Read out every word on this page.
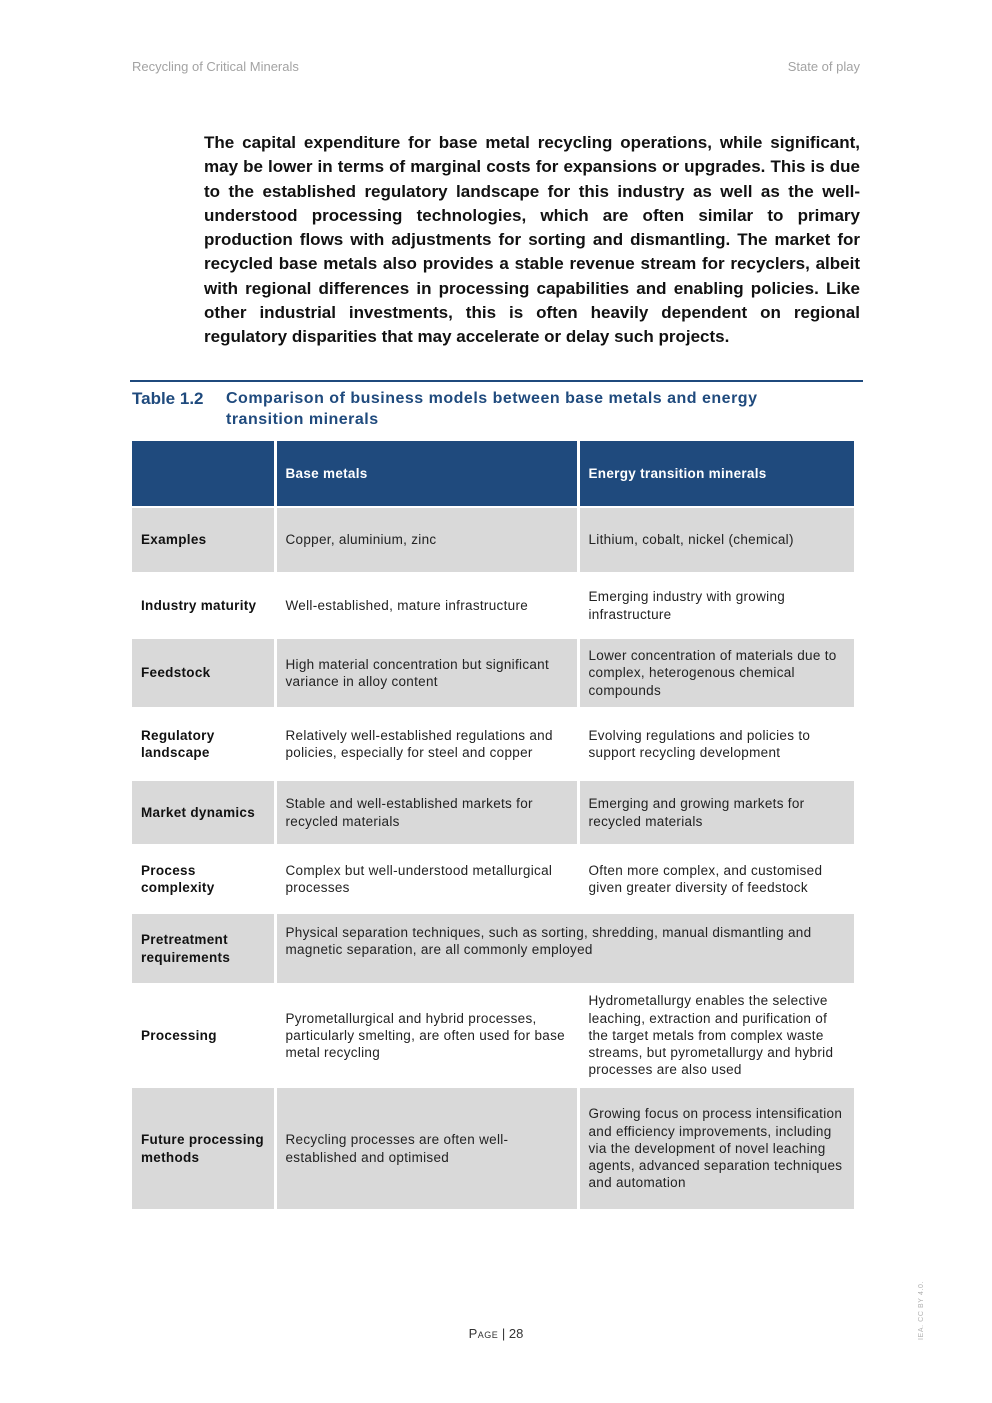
Recycling of Critical Minerals	State of play

The capital expenditure for base metal recycling operations, while significant, may be lower in terms of marginal costs for expansions or upgrades. This is due to the established regulatory landscape for this industry as well as the well-understood processing technologies, which are often similar to primary production flows with adjustments for sorting and dismantling. The market for recycled base metals also provides a stable revenue stream for recyclers, albeit with regional differences in processing capabilities and enabling policies. Like other industrial investments, this is often heavily dependent on regional regulatory disparities that may accelerate or delay such projects.

Table 1.2 Comparison of business models between base metals and energy transition minerals
	Base metals	Energy transition minerals
Examples	Copper, aluminium, zinc	Lithium, cobalt, nickel (chemical)
Industry maturity	Well-established, mature infrastructure	Emerging industry with growing infrastructure
Feedstock	High material concentration but significant variance in alloy content	Lower concentration of materials due to complex, heterogenous chemical compounds
Regulatory landscape	Relatively well-established regulations and policies, especially for steel and copper	Evolving regulations and policies to support recycling development
Market dynamics	Stable and well-established markets for recycled materials	Emerging and growing markets for recycled materials
Process complexity	Complex but well-understood metallurgical processes	Often more complex, and customised given greater diversity of feedstock
Pretreatment requirements	Physical separation techniques, such as sorting, shredding, manual dismantling and magnetic separation, are all commonly employed	
Processing	Pyrometallurgical and hybrid processes, particularly smelting, are often used for base metal recycling	Hydrometallurgy enables the selective leaching, extraction and purification of the target metals from complex waste streams, but pyrometallurgy and hybrid processes are also used
Future processing methods	Recycling processes are often well-established and optimised	Growing focus on process intensification and efficiency improvements, including via the development of novel leaching agents, advanced separation techniques and automation
Page | 28	IEA. CC BY 4.0.
